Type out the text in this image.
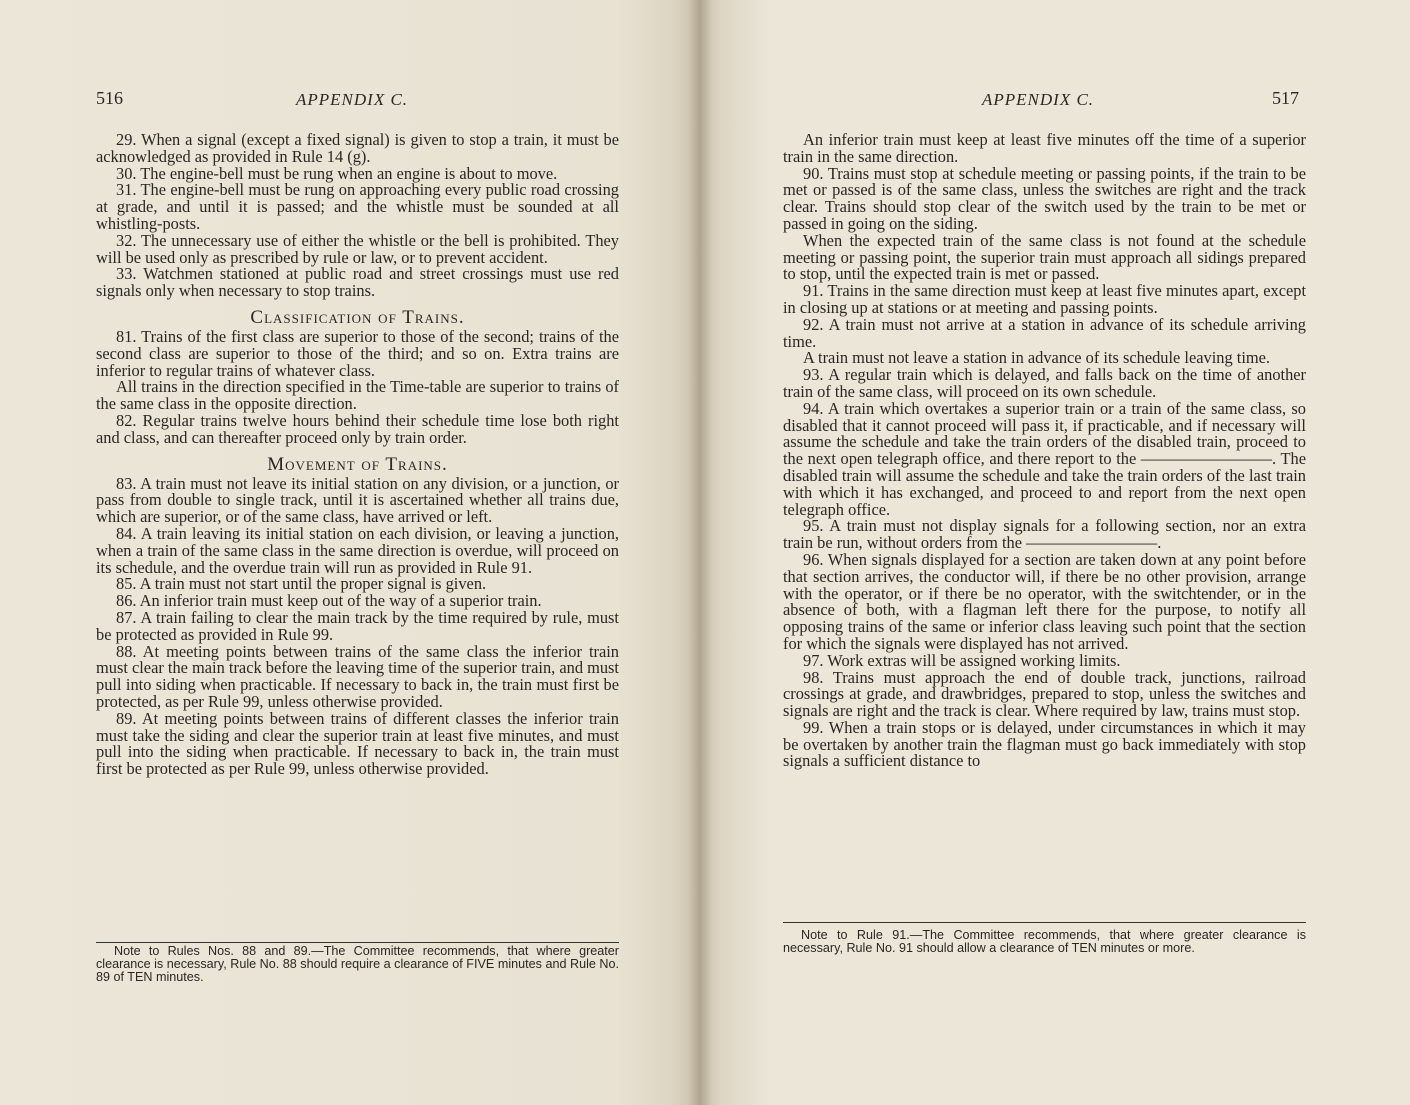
516	APPENDIX C.

29. When a signal (except a fixed signal) is given to stop a train, it must be acknowledged as provided in Rule 14 (g).

30. The engine-bell must be rung when an engine is about to move.

31. The engine-bell must be rung on approaching every public road crossing at grade, and until it is passed; and the whistle must be sounded at all whistling-posts.

32. The unnecessary use of either the whistle or the bell is prohibited. They will be used only as prescribed by rule or law, or to prevent accident.

33. Watchmen stationed at public road and street crossings must use red signals only when necessary to stop trains.

Classification of Trains.

81. Trains of the first class are superior to those of the second; trains of the second class are superior to those of the third; and so on. Extra trains are inferior to regular trains of whatever class.

All trains in the direction specified in the Time-table are superior to trains of the same class in the opposite direction.

82. Regular trains twelve hours behind their schedule time lose both right and class, and can thereafter proceed only by train order.

Movement of Trains.

83. A train must not leave its initial station on any division, or a junction, or pass from double to single track, until it is ascertained whether all trains due, which are superior, or of the same class, have arrived or left.

84. A train leaving its initial station on each division, or leaving a junction, when a train of the same class in the same direction is overdue, will proceed on its schedule, and the overdue train will run as provided in Rule 91.

85. A train must not start until the proper signal is given.

86. An inferior train must keep out of the way of a superior train.

87. A train failing to clear the main track by the time required by rule, must be protected as provided in Rule 99.

88. At meeting points between trains of the same class the inferior train must clear the main track before the leaving time of the superior train, and must pull into siding when practicable. If necessary to back in, the train must first be protected, as per Rule 99, unless otherwise provided.

89. At meeting points between trains of different classes the inferior train must take the siding and clear the superior train at least five minutes, and must pull into the siding when practicable. If necessary to back in, the train must first be protected as per Rule 99, unless otherwise provided.

Note to Rules Nos. 88 and 89.—The Committee recommends, that where greater clearance is necessary, Rule No. 88 should require a clearance of FIVE minutes and Rule No. 89 of TEN minutes.

APPENDIX C.	517

An inferior train must keep at least five minutes off the time of a superior train in the same direction.

90. Trains must stop at schedule meeting or passing points, if the train to be met or passed is of the same class, unless the switches are right and the track clear. Trains should stop clear of the switch used by the train to be met or passed in going on the siding.

When the expected train of the same class is not found at the schedule meeting or passing point, the superior train must approach all sidings prepared to stop, until the expected train is met or passed.

91. Trains in the same direction must keep at least five minutes apart, except in closing up at stations or at meeting and passing points.

92. A train must not arrive at a station in advance of its schedule arriving time.

A train must not leave a station in advance of its schedule leaving time.

93. A regular train which is delayed, and falls back on the time of another train of the same class, will proceed on its own schedule.

94. A train which overtakes a superior train or a train of the same class, so disabled that it cannot proceed will pass it, if practicable, and if necessary will assume the schedule and take the train orders of the disabled train, proceed to the next open telegraph office, and there report to the ————————. The disabled train will assume the schedule and take the train orders of the last train with which it has exchanged, and proceed to and report from the next open telegraph office.

95. A train must not display signals for a following section, nor an extra train be run, without orders from the ————————.

96. When signals displayed for a section are taken down at any point before that section arrives, the conductor will, if there be no other provision, arrange with the operator, or if there be no operator, with the switchtender, or in the absence of both, with a flagman left there for the purpose, to notify all opposing trains of the same or inferior class leaving such point that the section for which the signals were displayed has not arrived.

97. Work extras will be assigned working limits.

98. Trains must approach the end of double track, junctions, railroad crossings at grade, and drawbridges, prepared to stop, unless the switches and signals are right and the track is clear. Where required by law, trains must stop.

99. When a train stops or is delayed, under circumstances in which it may be overtaken by another train the flagman must go back immediately with stop signals a sufficient distance to

Note to Rule 91.—The Committee recommends, that where greater clearance is necessary, Rule No. 91 should allow a clearance of TEN minutes or more.
